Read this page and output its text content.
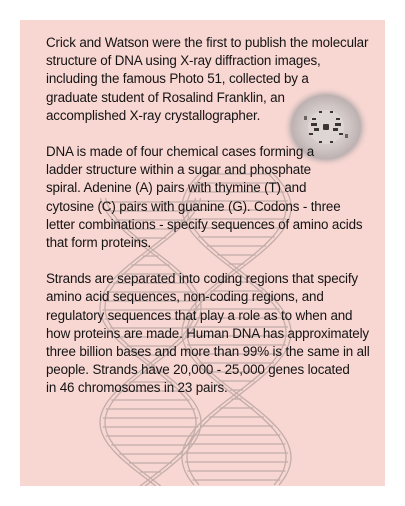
Crick and Watson were the first to publish the molecular
structure of DNA using X-ray diffraction images,
including the famous Photo 51, collected by a
graduate student of Rosalind Franklin, an
accomplished X-ray crystallographer.

DNA is made of four chemical cases forming a
ladder structure within a sugar and phosphate
spiral. Adenine (A) pairs with thymine (T) and
cytosine (C) pairs with guanine (G). Codons - three
letter combinations - specify sequences of amino acids
that form proteins.

Strands are separated into coding regions that specify
amino acid sequences, non-coding regions, and
regulatory sequences that play a role as to when and
how proteins are made. Human DNA has approximately
three billion bases and more than 99% is the same in all
people. Strands have 20,000 - 25,000 genes located
in 46 chromosomes in 23 pairs.
